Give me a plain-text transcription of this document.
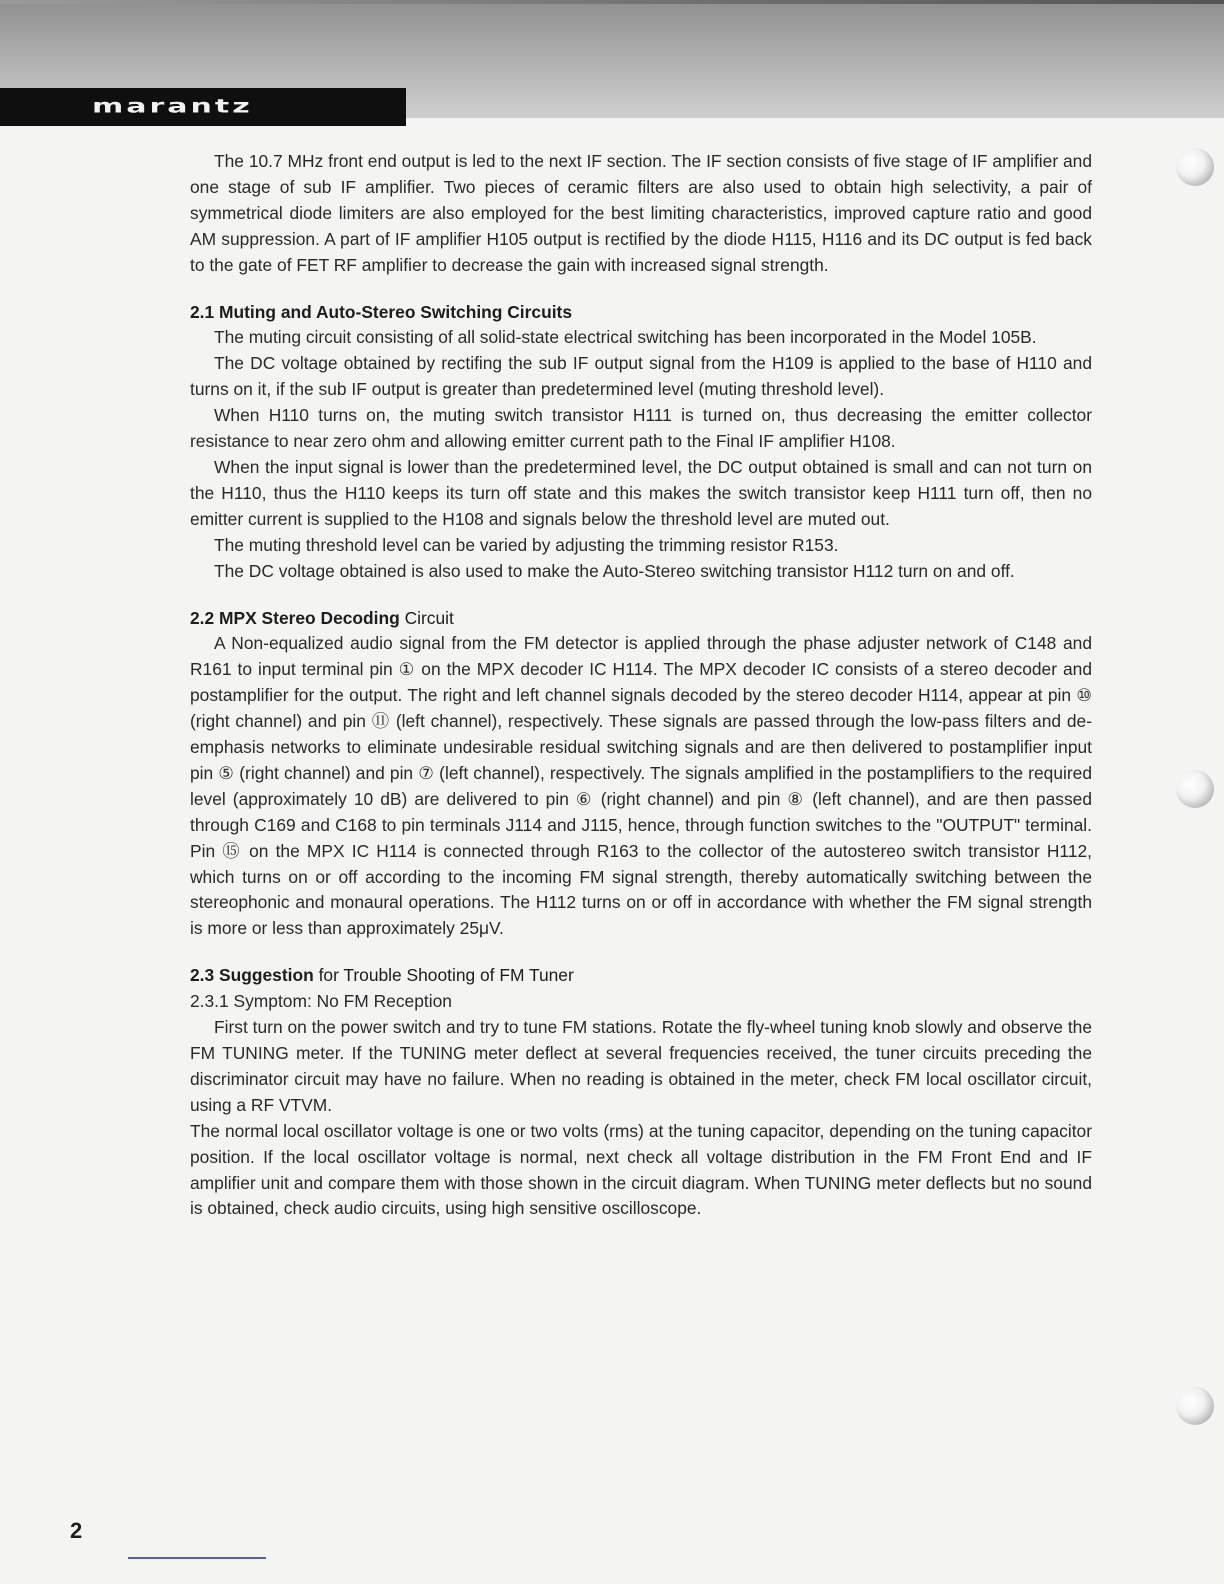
marantz

The 10.7 MHz front end output is led to the next IF section. The IF section consists of five stage of IF amplifier and one stage of sub IF amplifier. Two pieces of ceramic filters are also used to obtain high selectivity, a pair of symmetrical diode limiters are also employed for the best limiting characteristics, improved capture ratio and good AM suppression. A part of IF amplifier H105 output is rectified by the diode H115, H116 and its DC output is fed back to the gate of FET RF amplifier to decrease the gain with increased signal strength.

2.1 Muting and Auto-Stereo Switching Circuits

The muting circuit consisting of all solid-state electrical switching has been incorporated in the Model 105B.

The DC voltage obtained by rectifing the sub IF output signal from the H109 is applied to the base of H110 and turns on it, if the sub IF output is greater than predetermined level (muting threshold level).

When H110 turns on, the muting switch transistor H111 is turned on, thus decreasing the emitter collector resistance to near zero ohm and allowing emitter current path to the Final IF amplifier H108.

When the input signal is lower than the predetermined level, the DC output obtained is small and can not turn on the H110, thus the H110 keeps its turn off state and this makes the switch transistor keep H111 turn off, then no emitter current is supplied to the H108 and signals below the threshold level are muted out.

The muting threshold level can be varied by adjusting the trimming resistor R153.

The DC voltage obtained is also used to make the Auto-Stereo switching transistor H112 turn on and off.

2.2 MPX Stereo Decoding Circuit

A Non-equalized audio signal from the FM detector is applied through the phase adjuster network of C148 and R161 to input terminal pin ① on the MPX decoder IC H114. The MPX decoder IC consists of a stereo decoder and postamplifier for the output. The right and left channel signals decoded by the stereo decoder H114, appear at pin ⑩ (right channel) and pin ⑪ (left channel), respectively. These signals are passed through the low-pass filters and de-emphasis networks to eliminate undesirable residual switching signals and are then delivered to postamplifier input pin ⑤ (right channel) and pin ⑦ (left channel), respectively. The signals amplified in the postamplifiers to the required level (approximately 10 dB) are delivered to pin ⑥ (right channel) and pin ⑧ (left channel), and are then passed through C169 and C168 to pin terminals J114 and J115, hence, through function switches to the "OUTPUT" terminal. Pin ⑮ on the MPX IC H114 is connected through R163 to the collector of the autostereo switch transistor H112, which turns on or off according to the incoming FM signal strength, thereby automatically switching between the stereophonic and monaural operations. The H112 turns on or off in accordance with whether the FM signal strength is more or less than approximately 25μV.

2.3 Suggestion for Trouble Shooting of FM Tuner

2.3.1 Symptom: No FM Reception

First turn on the power switch and try to tune FM stations. Rotate the fly-wheel tuning knob slowly and observe the FM TUNING meter. If the TUNING meter deflect at several frequencies received, the tuner circuits preceding the discriminator circuit may have no failure. When no reading is obtained in the meter, check FM local oscillator circuit, using a RF VTVM.

The normal local oscillator voltage is one or two volts (rms) at the tuning capacitor, depending on the tuning capacitor position. If the local oscillator voltage is normal, next check all voltage distribution in the FM Front End and IF amplifier unit and compare them with those shown in the circuit diagram. When TUNING meter deflects but no sound is obtained, check audio circuits, using high sensitive oscilloscope.

2
